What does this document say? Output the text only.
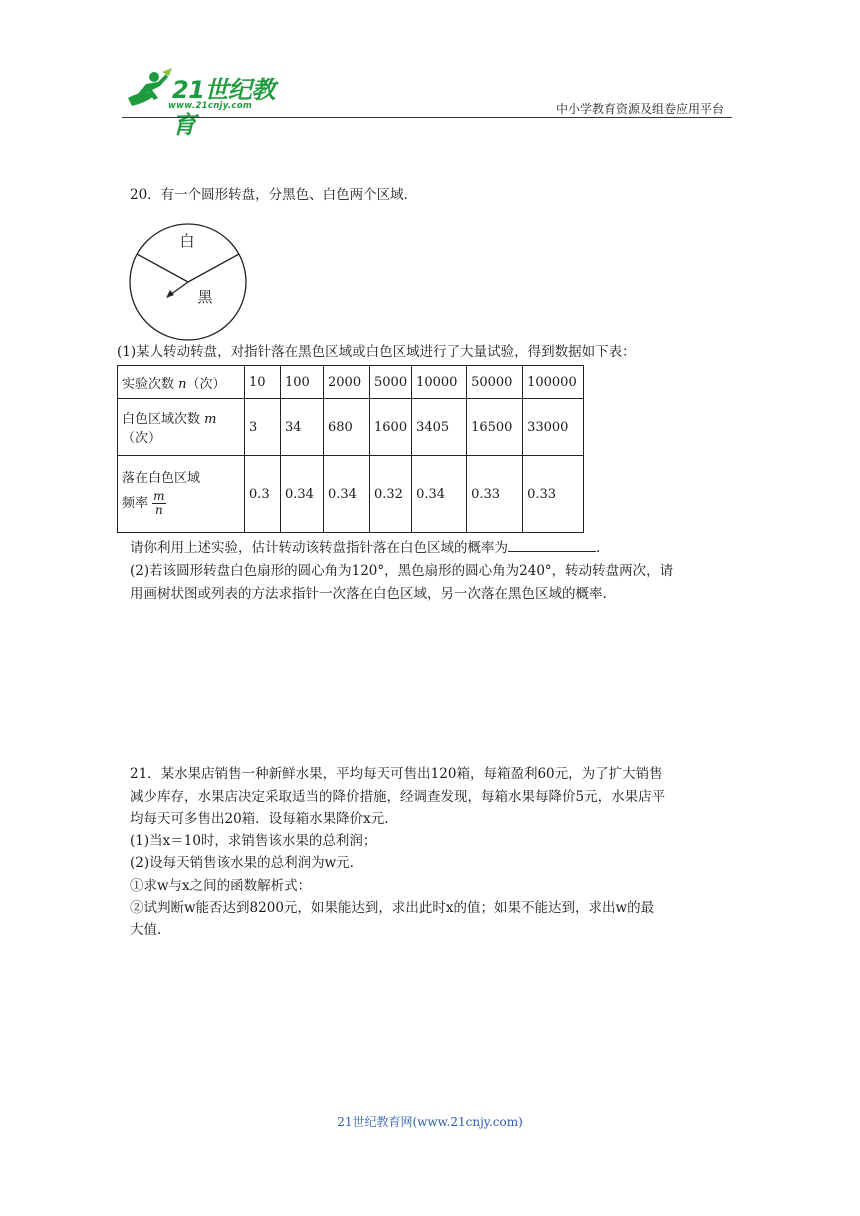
21世纪教育
www.21cnjy.com	中小学教育资源及组卷应用平台
20．有一个圆形转盘，分黑色、白色两个区域．
白
黑
(1)某人转动转盘，对指针落在黑色区域或白色区域进行了大量试验，得到数据如下表：
实验次数 n（次）	10	100	2000	5000	10000	50000	100000
白色区域次数 m
（次）	3	34	680	1600	3405	16500	33000
落在白色区域
频率 $\frac{m}{n}$	0.3	0.34	0.34	0.32	0.34	0.33	0.33
请你利用上述实验，估计转动该转盘指针落在白色区域的概率为	.
(2)若该圆形转盘白色扇形的圆心角为120°，黑色扇形的圆心角为240°，转动转盘两次，请
用画树状图或列表的方法求指针一次落在白色区域，另一次落在黑色区域的概率.
21．某水果店销售一种新鲜水果，平均每天可售出120箱，每箱盈利60元，为了扩大销售
减少库存，水果店决定采取适当的降价措施，经调查发现，每箱水果每降价5元，水果店平
均每天可多售出20箱．设每箱水果降价x元.
(1)当x＝10时，求销售该水果的总利润；
(2)设每天销售该水果的总利润为w元.
①求w与x之间的函数解析式：
②试判断w能否达到8200元，如果能达到，求出此时x的值；如果不能达到，求出w的最
大值.
21世纪教育网(www.21cnjy.com)
